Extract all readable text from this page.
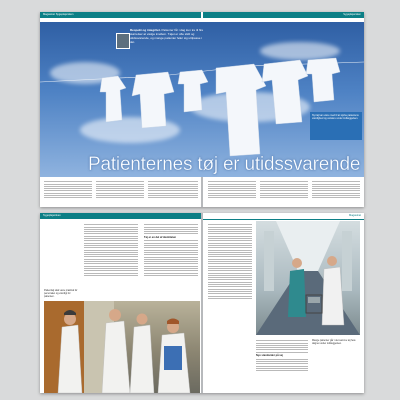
Magasinet Sygeplejersken	Sygeplejersken
Respekt og integritet. Patienter får i dag kun tre til fire størrelser at vælge imellem. Tøjet er ofte slidt og utidssvarende, og mange patienter føler sig utilpasse i det.

Nyt tøj kan være med til at styrke patientens værdighed og velvære under indlæggelsen.

Patienternes tøj er utidssvarende
Sygeplejersken	Magasinet
Tøj er en del af identiteten
Patienttøj skal være praktisk for personalet og værdigt for patienten.
Nye standarder på vej
Mange patienter går i det samme tøj hele døgnet under indlæggelsen.
